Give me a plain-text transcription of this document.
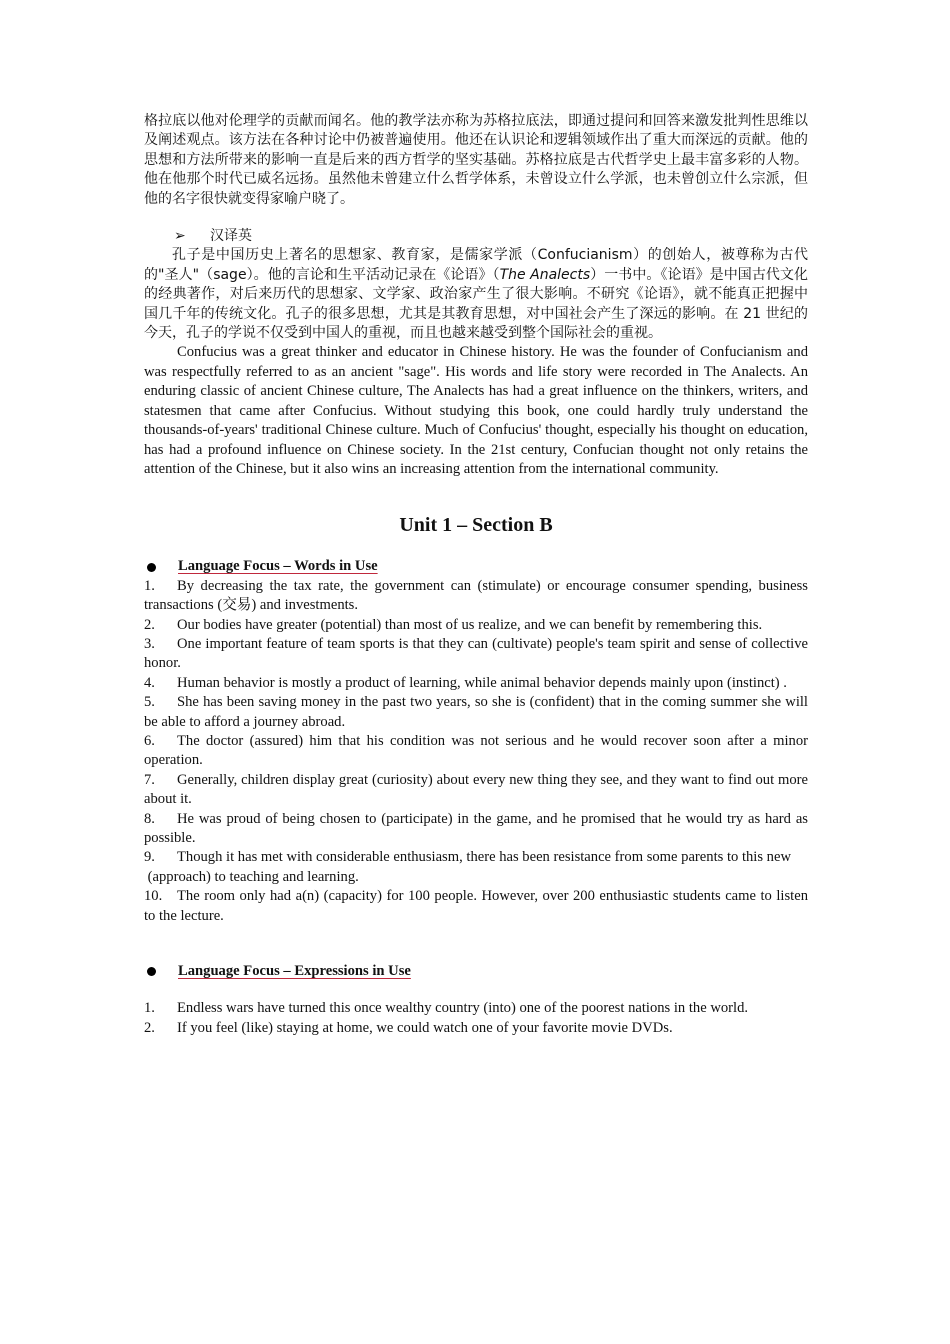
格拉底以他对伦理学的贡献而闻名。他的教学法亦称为苏格拉底法，即通过提问和回答来激发批判性思维以及阐述观点。该方法在各种讨论中仍被普遍使用。他还在认识论和逻辑领域作出了重大而深远的贡献。他的思想和方法所带来的影响一直是后来的西方哲学的坚实基础。苏格拉底是古代哲学史上最丰富多彩的人物。他在他那个时代已威名远扬。虽然他未曾建立什么哲学体系，未曾设立什么学派，也未曾创立什么宗派，但他的名字很快就变得家喻户晓了。

➢ 汉译英

孔子是中国历史上著名的思想家、教育家，是儒家学派（Confucianism）的创始人，被尊称为古代的"圣人"（sage）。他的言论和生平活动记录在《论语》（The Analects）一书中。《论语》是中国古代文化的经典著作，对后来历代的思想家、文学家、政治家产生了很大影响。不研究《论语》，就不能真正把握中国几千年的传统文化。孔子的很多思想，尤其是其教育思想，对中国社会产生了深远的影响。在 21 世纪的今天，孔子的学说不仅受到中国人的重视，而且也越来越受到整个国际社会的重视。

Confucius was a great thinker and educator in Chinese history. He was the founder of Confucianism and was respectfully referred to as an ancient "sage". His words and life story were recorded in The Analects. An enduring classic of ancient Chinese culture, The Analects has had a great influence on the thinkers, writers, and statesmen that came after Confucius. Without studying this book, one could hardly truly understand the thousands-of-years' traditional Chinese culture. Much of Confucius' thought, especially his thought on education, has had a profound influence on Chinese society. In the 21st century, Confucian thought not only retains the attention of the Chinese, but it also wins an increasing attention from the international community.

Unit 1 – Section B
Language Focus – Words in Use
1. By decreasing the tax rate, the government can (stimulate) or encourage consumer spending, business transactions (交易) and investments.
2. Our bodies have greater (potential) than most of us realize, and we can benefit by remembering this.
3. One important feature of team sports is that they can (cultivate) people's team spirit and sense of collective honor.
4. Human behavior is mostly a product of learning, while animal behavior depends mainly upon (instinct) .
5. She has been saving money in the past two years, so she is (confident) that in the coming summer she will be able to afford a journey abroad.
6. The doctor (assured) him that his condition was not serious and he would recover soon after a minor operation.
7. Generally, children display great (curiosity) about every new thing they see, and they want to find out more about it.
8. He was proud of being chosen to (participate) in the game, and he promised that he would try as hard as possible.
9. Though it has met with considerable enthusiasm, there has been resistance from some parents to this new
(approach) to teaching and learning.
10. The room only had a(n) (capacity) for 100 people. However, over 200 enthusiastic students came to listen to the lecture.
Language Focus – Expressions in Use
1. Endless wars have turned this once wealthy country (into) one of the poorest nations in the world.
2. If you feel (like) staying at home, we could watch one of your favorite movie DVDs.
